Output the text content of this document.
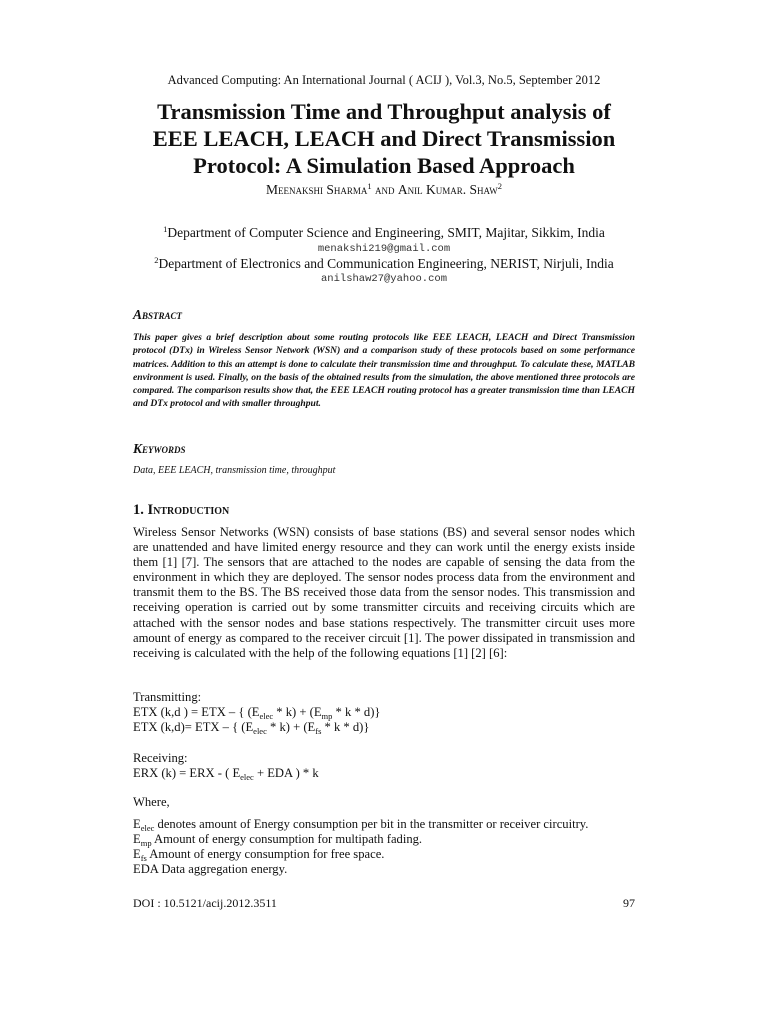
Advanced Computing: An International Journal ( ACIJ ), Vol.3, No.5, September 2012
Transmission Time and Throughput analysis of
EEE LEACH, LEACH and Direct Transmission
Protocol: A Simulation Based Approach
Meenakshi Sharma$^1$ and Anil Kumar. Shaw$^2$
$^1$Department of Computer Science and Engineering, SMIT, Majitar, Sikkim, India
menakshi219@gmail.com
$^2$Department of Electronics and Communication Engineering, NERIST, Nirjuli, India
anilshaw27@yahoo.com
Abstract
This paper gives a brief description about some routing protocols like EEE LEACH, LEACH and Direct Transmission protocol (DTx) in Wireless Sensor Network (WSN) and a comparison study of these protocols based on some performance matrices. Addition to this an attempt is done to calculate their transmission time and throughput. To calculate these, MATLAB environment is used. Finally, on the basis of the obtained results from the simulation, the above mentioned three protocols are compared. The comparison results show that, the EEE LEACH routing protocol has a greater transmission time than LEACH and DTx protocol and with smaller throughput.
Keywords
Data, EEE LEACH, transmission time, throughput
1. Introduction
Wireless Sensor Networks (WSN) consists of base stations (BS) and several sensor nodes which are unattended and have limited energy resource and they can work until the energy exists inside them [1] [7]. The sensors that are attached to the nodes are capable of sensing the data from the environment in which they are deployed. The sensor nodes process data from the environment and transmit them to the BS. The BS received those data from the sensor nodes. This transmission and receiving operation is carried out by some transmitter circuits and receiving circuits which are attached with the sensor nodes and base stations respectively. The transmitter circuit uses more amount of energy as compared to the receiver circuit [1]. The power dissipated in transmission and receiving is calculated with the help of the following equations [1] [2] [6]:
Transmitting:
ETX (k,d ) = ETX – { $(E_{elec} * k) + (E_{mp} * k * d)$}
ETX (k,d)= ETX – { $(E_{elec} * k) + (E_{fs} * k * d)$}
Receiving:
ERX (k) = ERX - ( $E_{elec}$ + EDA ) * k
Where,
$E_{elec}$ denotes amount of Energy consumption per bit in the transmitter or receiver circuitry.
$E_{mp}$ Amount of energy consumption for multipath fading.
$E_{fs}$ Amount of energy consumption for free space.
EDA Data aggregation energy.
DOI : 10.5121/acij.2012.3511	97
